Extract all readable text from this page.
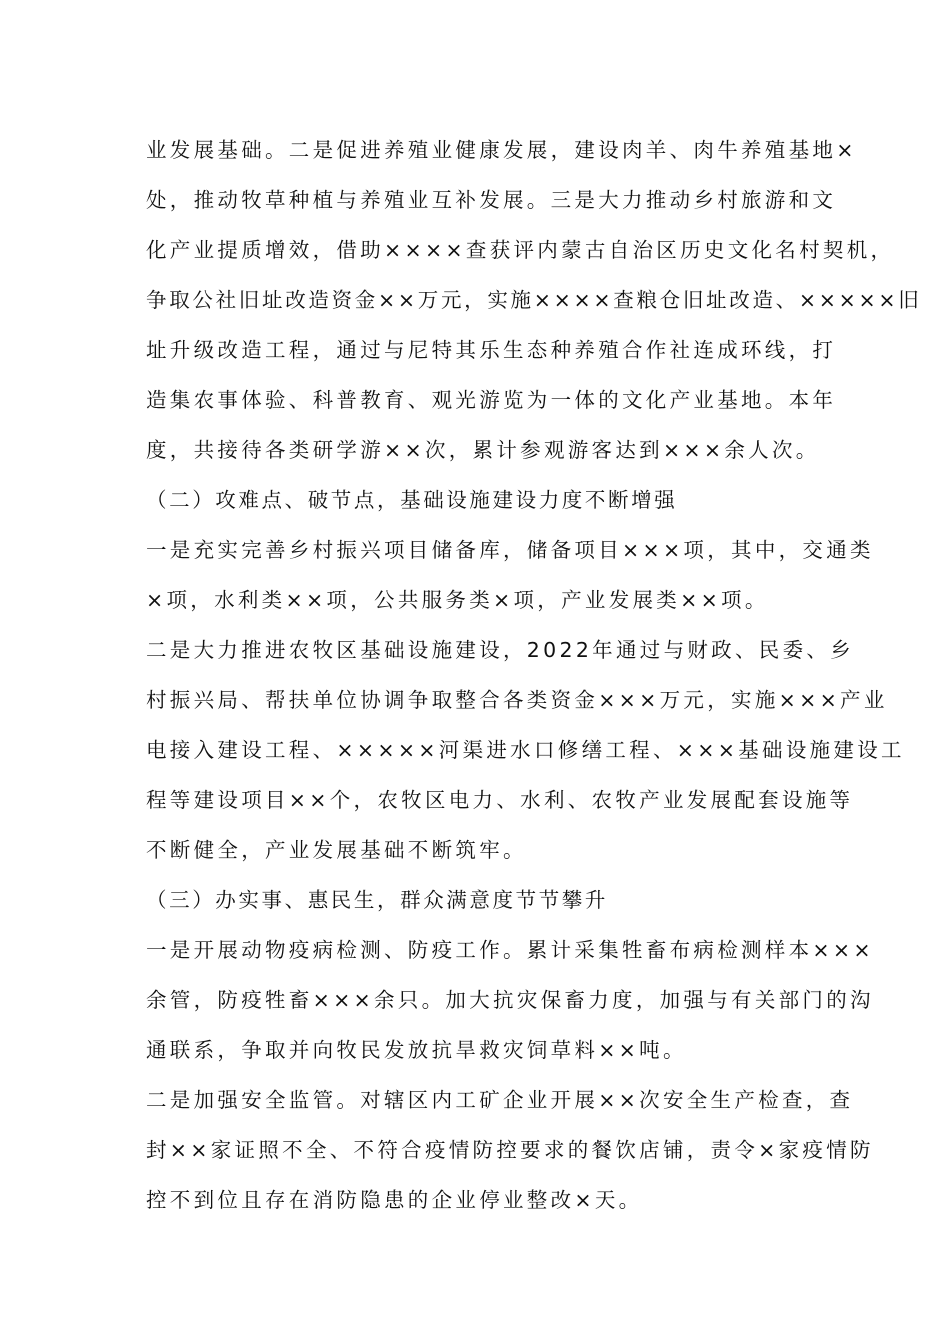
业发展基础。二是促进养殖业健康发展，建设肉羊、肉牛养殖基地×
处，推动牧草种植与养殖业互补发展。三是大力推动乡村旅游和文
化产业提质增效，借助××××查获评内蒙古自治区历史文化名村契机，
争取公社旧址改造资金××万元，实施××××查粮仓旧址改造、×××××旧
址升级改造工程，通过与尼特其乐生态种养殖合作社连成环线，打
造集农事体验、科普教育、观光游览为一体的文化产业基地。本年
度，共接待各类研学游××次，累计参观游客达到×××余人次。
（二）攻难点、破节点，基础设施建设力度不断增强
一是充实完善乡村振兴项目储备库，储备项目×××项，其中，交通类
×项，水利类××项，公共服务类×项，产业发展类××项。
二是大力推进农牧区基础设施建设，2022年通过与财政、民委、乡
村振兴局、帮扶单位协调争取整合各类资金×××万元，实施×××产业
电接入建设工程、×××××河渠进水口修缮工程、×××基础设施建设工
程等建设项目××个，农牧区电力、水利、农牧产业发展配套设施等
不断健全，产业发展基础不断筑牢。
（三）办实事、惠民生，群众满意度节节攀升
一是开展动物疫病检测、防疫工作。累计采集牲畜布病检测样本×××
余管，防疫牲畜×××余只。加大抗灾保畜力度，加强与有关部门的沟
通联系，争取并向牧民发放抗旱救灾饲草料××吨。
二是加强安全监管。对辖区内工矿企业开展××次安全生产检查，查
封××家证照不全、不符合疫情防控要求的餐饮店铺，责令×家疫情防
控不到位且存在消防隐患的企业停业整改×天。
